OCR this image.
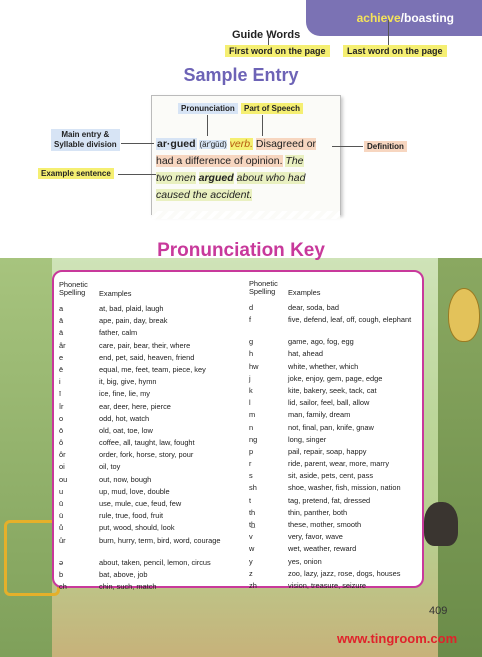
achieve/boasting
Guide Words
First word on the page	Last word on the page
Sample Entry
Pronunciation	Part of Speech
Main entry &
Syllable division
Example sentence
Definition
ar·gued (är′gūd) verb. Disagreed or
had a difference of opinion. The
two men argued about who had
caused the accident.
Pronunciation Key
Phonetic
Spelling	Examples
a	at, bad, plaid, laugh
ā	ape, pain, day, break
ä	father, calm
âr	care, pair, bear, their, where
e	end, pet, said, heaven, friend
ē	equal, me, feet, team, piece, key
i	it, big, give, hymn
ī	ice, fine, lie, my
îr	ear, deer, here, pierce
o	odd, hot, watch
ō	old, oat, toe, low
ô	coffee, all, taught, law, fought
ôr	order, fork, horse, story, pour
oi	oil, toy
ou	out, now, bough
u	up, mud, love, double
ū	use, mule, cue, feud, few
ü	rule, true, food, fruit
ů	put, wood, should, look
ûr	burn, hurry, term, bird, word, courage
ə	about, taken, pencil, lemon, circus
b	bat, above, job
ch	chin, such, match
Phonetic
Spelling	Examples
d	dear, soda, bad
f	five, defend, leaf, off, cough, elephant
g	game, ago, fog, egg
h	hat, ahead
hw	white, whether, which
j	joke, enjoy, gem, page, edge
k	kite, bakery, seek, tack, cat
l	lid, sailor, feel, ball, allow
m	man, family, dream
n	not, final, pan, knife, gnaw
ng	long, singer
p	pail, repair, soap, happy
r	ride, parent, wear, more, marry
s	sit, aside, pets, cent, pass
sh	shoe, washer, fish, mission, nation
t	tag, pretend, fat, dressed
th	thin, panther, both
th̲	these, mother, smooth
v	very, favor, wave
w	wet, weather, reward
y	yes, onion
z	zoo, lazy, jazz, rose, dogs, houses
zh	vision, treasure, seizure
409
www.tingroom.com
